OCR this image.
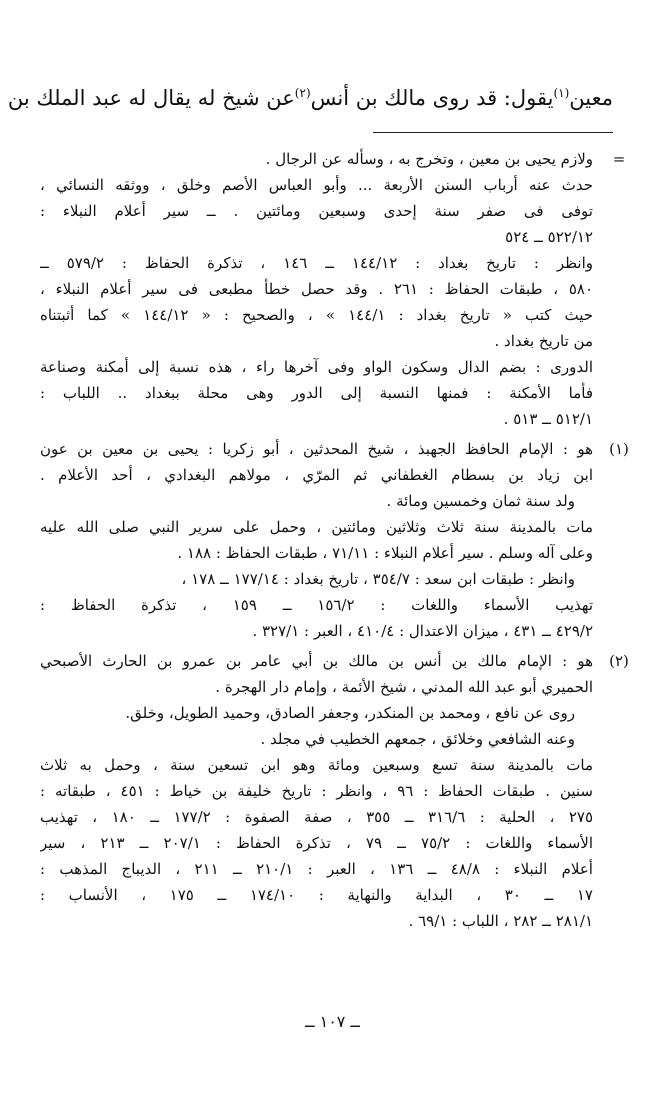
معين$^{(١)}$يقول: قد روى مالك بن أنس$^{(٢)}$عن شيخ له يقال له عبد الملك بن
=
ولازم يحيى بن معين ، وتخرج به ، وسأله عن الرجال .
حدث عنه أرباب السنن الأربعة ... وأبو العباس الأصم وخلق ، ووثقه النسائي ،
توفى فى صفر سنة إحدى وسبعين ومائتين . ــ سير أعلام النبلاء :
٥٢٢/١٢ ــ ٥٢٤
وانظر : تاريخ بغداد : ١٤٤/١٢ ــ ١٤٦ ، تذكرة الحفاظ : ٥٧٩/٢ ــ
٥٨٠ ، طبقات الحفاظ : ٢٦١ . وقد حصل خطأ مطبعى فى سير أعلام النبلاء ،
حيث كتب « تاريخ بغداد : ١٤٤/١ » ، والصحيح : « ١٤٤/١٢ » كما أثبتناه
من تاريخ بغداد .
الدورى : بضم الدال وسكون الواو وفى آخرها راء ، هذه نسبة إلى أمكنة وصناعة
فأما الأمكنة : فمنها النسبة إلى الدور وهى محلة ببغداد .. اللباب :
٥١٢/١ ــ ٥١٣ .
(١)
هو : الإمام الحافظ الجهبذ ، شيخ المحدثين ، أبو زكريا : يحيى بن معين بن عون
ابن زياد بن بسطام الغطفاني ثم المرّي ، مولاهم البغدادي ، أحد الأعلام .
ولد سنة ثمان وخمسين ومائة .
مات بالمدينة سنة ثلاث وثلاثين ومائتين ، وحمل على سرير النبي صلى الله عليه
وعلى آله وسلم . سير أعلام النبلاء : ٧١/١١ ، طبقات الحفاظ : ١٨٨ .
وانظر : طبقات ابن سعد : ٣٥٤/٧ ، تاريخ بغداد : ١٧٧/١٤ ــ ١٧٨ ،
تهذيب الأسماء واللغات : ١٥٦/٢ ــ ١٥٩ ، تذكرة الحفاظ :
٤٢٩/٢ ــ ٤٣١ ، ميزان الاعتدال : ٤١٠/٤ ، العبر : ٣٢٧/١ .
(٢)
هو : الإمام مالك بن أنس بن مالك بن أبي عامر بن عمرو بن الحارث الأصبحي
الحميري أبو عبد الله المدني ، شيخ الأئمة ، وإمام دار الهجرة .
روى عن نافع ، ومحمد بن المنكدر، وجعفر الصادق، وحميد الطويل، وخلق.
وعنه الشافعي وخلائق ، جمعهم الخطيب في مجلد .
مات بالمدينة سنة تسع وسبعين ومائة وهو ابن تسعين سنة ، وحمل به ثلاث
سنين . طبقات الحفاظ : ٩٦ ، وانظر : تاريخ خليفة بن خياط : ٤٥١ ، طبقاته :
٢٧٥ ، الحلية : ٣١٦/٦ ــ ٣٥٥ ، صفة الصفوة : ١٧٧/٢ ــ ١٨٠ ، تهذيب
الأسماء واللغات : ٧٥/٢ ــ ٧٩ ، تذكرة الحفاظ : ٢٠٧/١ ــ ٢١٣ ، سير
أعلام النبلاء : ٤٨/٨ ــ ١٣٦ ، العبر : ٢١٠/١ ــ ٢١١ ، الديباج المذهب :
١٧ ــ ٣٠ ، البداية والنهاية : ١٧٤/١٠ ــ ١٧٥ ، الأنساب :
٢٨١/١ ــ ٢٨٢ ، اللباب : ٦٩/١ .
ــ ١٠٧ ــ
